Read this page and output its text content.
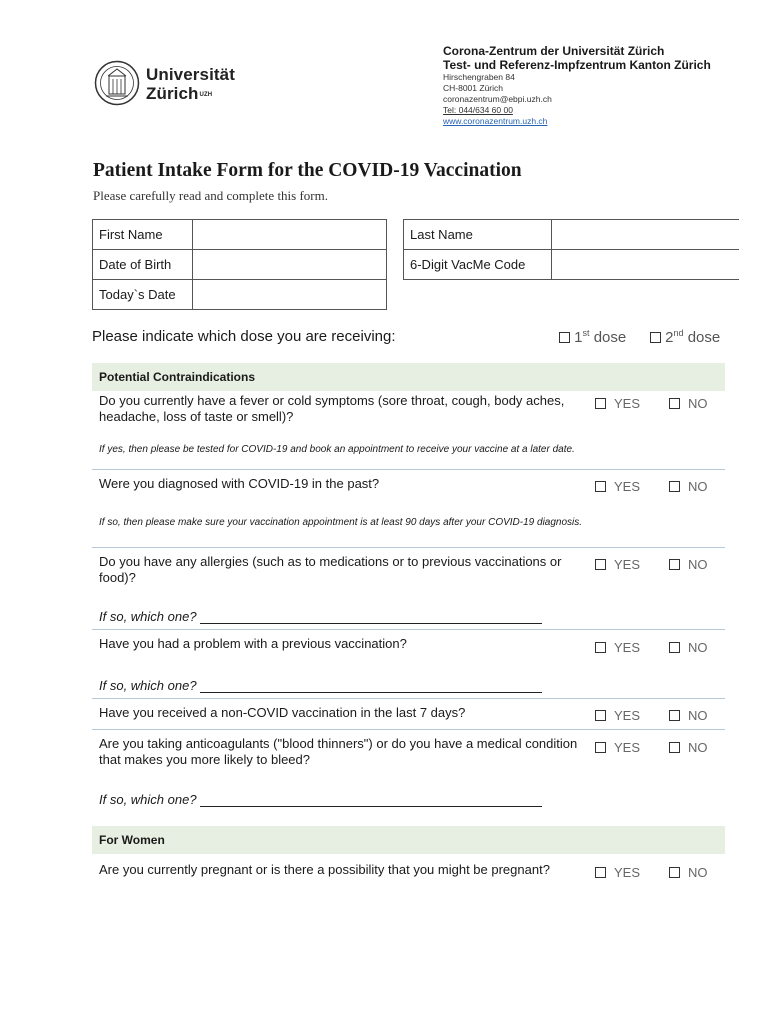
Universität
Zürich$^{UZH}$
Corona-Zentrum der Universität Zürich
Test- und Referenz-Impfzentrum Kanton Zürich
Hirschengraben 84
CH-8001 Zürich
coronazentrum@ebpi.uzh.ch
Tel: 044/634 60 00
www.coronazentrum.uzh.ch
Patient Intake Form for the COVID-19 Vaccination
Please carefully read and complete this form.
First Name	
Date of Birth	
Today`s Date	
Last Name	
6-Digit VacMe Code	
Please indicate which dose you are receiving:	1st dose	2nd dose
Potential Contraindications
Do you currently have a fever or cold symptoms (sore throat, cough, body aches, headache, loss of taste or smell)?
YES	NO
If yes, then please be tested for COVID-19 and book an appointment to receive your vaccine at a later date.
Were you diagnosed with COVID-19 in the past?	YES	NO
If so, then please make sure your vaccination appointment is at least 90 days after your COVID-19 diagnosis.
Do you have any allergies (such as to medications or to previous vaccinations or food)?
YES	NO
If so, which one?
Have you had a problem with a previous vaccination?	YES	NO
If so, which one?
Have you received a non-COVID vaccination in the last 7 days?	YES	NO
Are you taking anticoagulants ("blood thinners") or do you have a medical condition that makes you more likely to bleed?
YES	NO
If so, which one?
For Women
Are you currently pregnant or is there a possibility that you might be pregnant?	YES	NO
